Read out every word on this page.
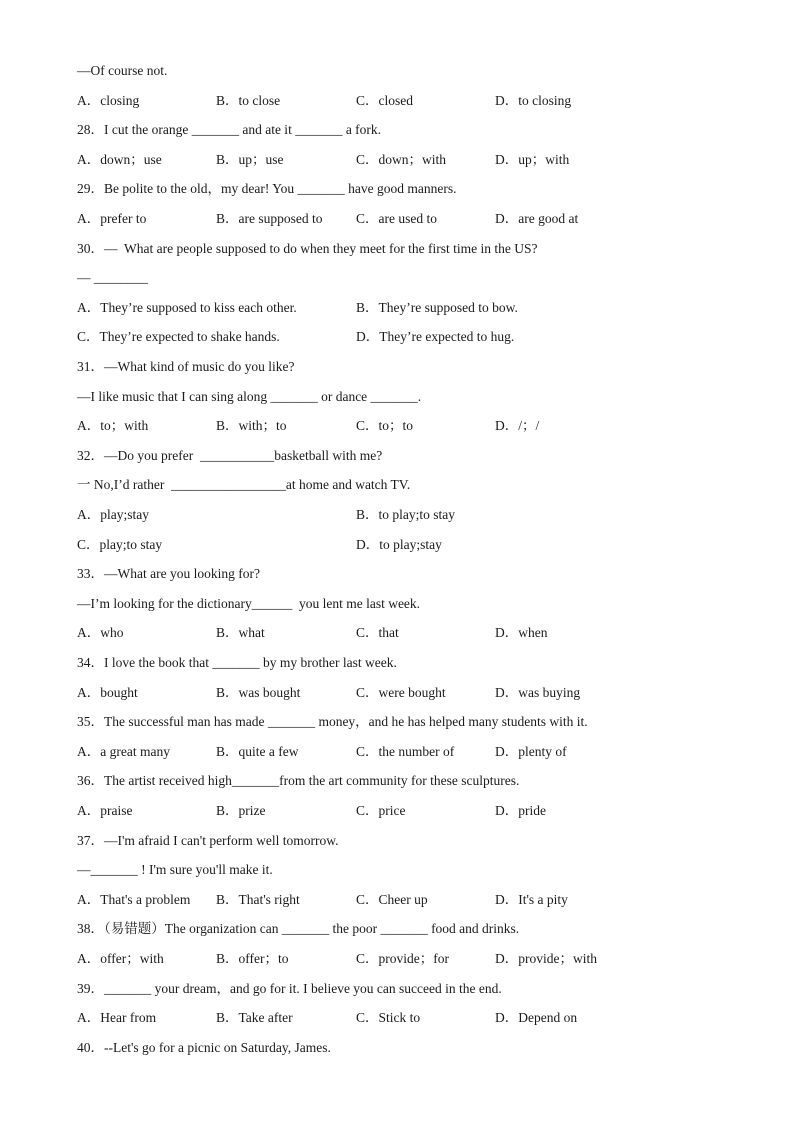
—Of course not.
A．closing	B．to close	C．closed	D．to closing
28．I cut the orange _______ and ate it _______ a fork.
A．down；use	B．up；use	C．down；with	D．up；with
29．Be polite to the old，my dear! You _______ have good manners.
A．prefer to	B．are supposed to C．are used to	D．are good at
30．—  What are people supposed to do when they meet for the first time in the US?
— ________
A．They’re supposed to kiss each other.	B．They’re supposed to bow.
C．They’re expected to shake hands.	D．They’re expected to hug.
31．—What kind of music do you like?
—I like music that I can sing along _______ or dance _______.
A．to；with	B．with；to	C．to；to	D．/；/
32．—Do you prefer  ___________basketball with me?
一 No,I’d rather  _________________at home and watch TV.
A．play;stay	B．to play;to stay
C．play;to stay	D．to play;stay
33．—What are you looking for?
—I’m looking for the dictionary______  you lent me last week.
A．who	B．what	C．that	D．when
34．I love the book that _______ by my brother last week.
A．bought	B．was bought	C．were bought	D．was buying
35．The successful man has made _______ money，and he has helped many students with it.
A．a great many	B．quite a few	C．the number of	D．plenty of
36．The artist received high_______from the art community for these sculptures.
A．praise	B．prize	C．price	D．pride
37．—I'm afraid I can't perform well tomorrow.
—_______ ! I'm sure you'll make it.
A．That's a problem B．That's right	C．Cheer up	D．It's a pity
38．（易错题）The organization can _______ the poor _______ food and drinks.
A．offer；with	B．offer；to	C．provide；for	D．provide；with
39．_______ your dream，and go for it. I believe you can succeed in the end.
A．Hear from	B．Take after	C．Stick to	D．Depend on
40．--Let's go for a picnic on Saturday, James.
